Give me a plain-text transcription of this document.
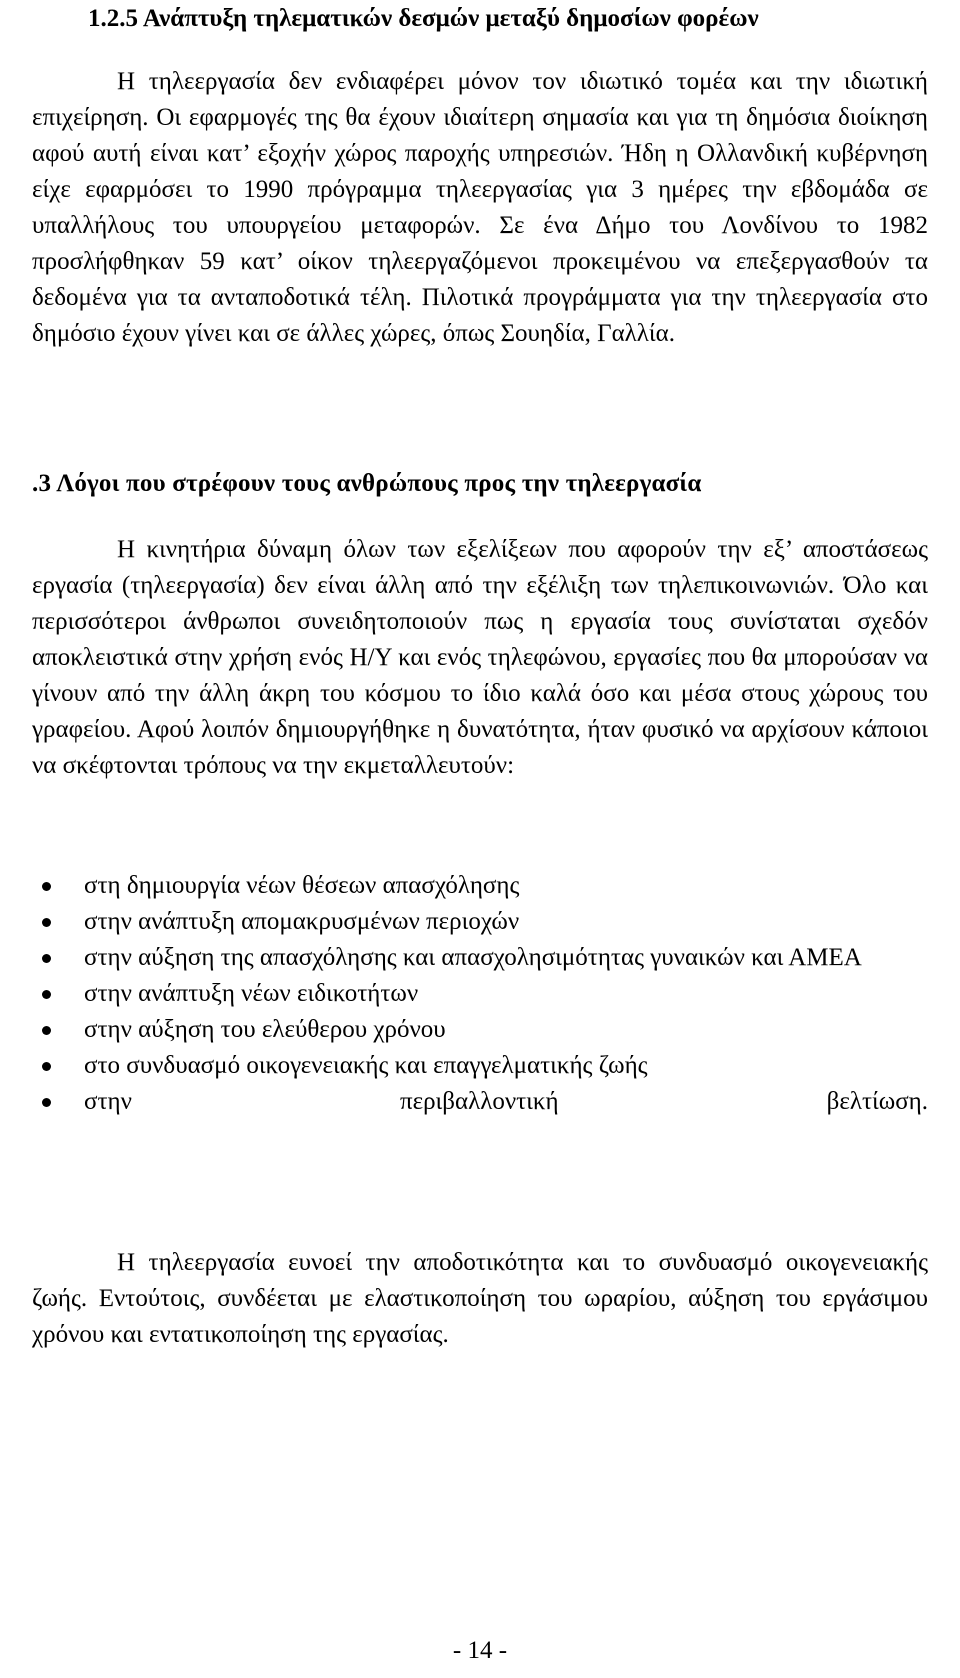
1.2.5 Ανάπτυξη τηλεματικών δεσμών μεταξύ δημοσίων φορέων

Η τηλεεργασία δεν ενδιαφέρει μόνον τον ιδιωτικό τομέα και την ιδιωτική επιχείρηση. Οι εφαρμογές της θα έχουν ιδιαίτερη σημασία και για τη δημόσια διοίκηση αφού αυτή είναι κατ’ εξοχήν χώρος παροχής υπηρεσιών. Ήδη η Ολλανδική κυβέρνηση είχε εφαρμόσει το 1990 πρόγραμμα τηλεεργασίας για 3 ημέρες την εβδομάδα σε υπαλλήλους του υπουργείου μεταφορών. Σε ένα Δήμο του Λονδίνου το 1982 προσλήφθηκαν 59 κατ’ οίκον τηλεεργαζόμενοι προκειμένου να επεξεργασθούν τα δεδομένα για τα ανταποδοτικά τέλη. Πιλοτικά προγράμματα για την τηλεεργασία στο δημόσιο έχουν γίνει και σε άλλες χώρες, όπως Σουηδία, Γαλλία.

.3 Λόγοι που στρέφουν τους ανθρώπους προς την τηλεεργασία

Η κινητήρια δύναμη όλων των εξελίξεων που αφορούν την εξ’ αποστάσεως εργασία (τηλεεργασία) δεν είναι άλλη από την εξέλιξη των τηλεπικοινωνιών. Όλο και περισσότεροι άνθρωποι συνειδητοποιούν πως η εργασία τους συνίσταται σχεδόν αποκλειστικά στην χρήση ενός Η/Υ και ενός τηλεφώνου, εργασίες που θα μπορούσαν να γίνουν από την άλλη άκρη του κόσμου το ίδιο καλά όσο και μέσα στους χώρους του γραφείου. Αφού λοιπόν δημιουργήθηκε η δυνατότητα, ήταν φυσικό να αρχίσουν κάποιοι να σκέφτονται τρόπους να την εκμεταλλευτούν:

στη δημιουργία νέων θέσεων απασχόλησης
στην ανάπτυξη απομακρυσμένων περιοχών
στην αύξηση της απασχόλησης και απασχολησιμότητας γυναικών και ΑΜΕΑ
στην ανάπτυξη νέων ειδικοτήτων
στην αύξηση του ελεύθερου χρόνου
στο συνδυασμό οικογενειακής και επαγγελματικής ζωής
στην περιβαλλοντική βελτίωση.

Η τηλεεργασία ευνοεί την αποδοτικότητα και το συνδυασμό οικογενειακής ζωής. Εντούτοις, συνδέεται με ελαστικοποίηση του ωραρίου, αύξηση του εργάσιμου χρόνου και εντατικοποίηση της εργασίας.

- 14 -
